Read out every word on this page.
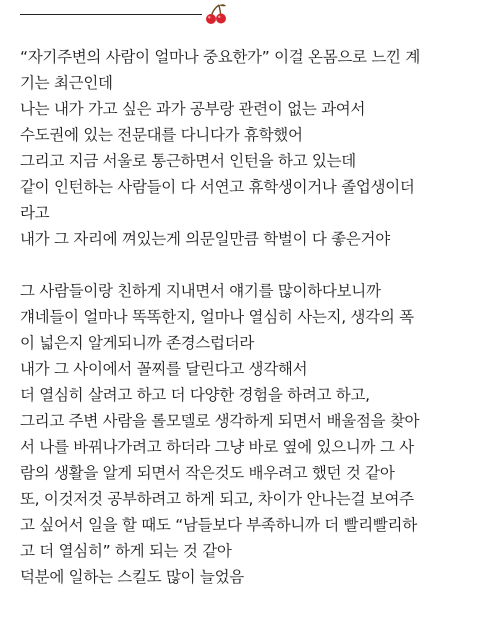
“자기주변의 사람이 얼마나 중요한가” 이걸 온몸으로 느낀 계
기는 최근인데
나는 내가 가고 싶은 과가 공부랑 관련이 없는 과여서
수도권에 있는 전문대를 다니다가 휴학했어
그리고 지금 서울로 통근하면서 인턴을 하고 있는데
같이 인턴하는 사람들이 다 서연고 휴학생이거나 졸업생이더
라고
내가 그 자리에 껴있는게 의문일만큼 학벌이 다 좋은거야

그 사람들이랑 친하게 지내면서 얘기를 많이하다보니까
걔네들이 얼마나 똑똑한지, 얼마나 열심히 사는지, 생각의 폭
이 넓은지 알게되니까 존경스럽더라
내가 그 사이에서 꼴찌를 달린다고 생각해서
더 열심히 살려고 하고 더 다양한 경험을 하려고 하고,
그리고 주변 사람을 롤모델로 생각하게 되면서 배울점을 찾아
서 나를 바꿔나가려고 하더라 그냥 바로 옆에 있으니까 그 사
람의 생활을 알게 되면서 작은것도 배우려고 했던 것 같아
또, 이것저것 공부하려고 하게 되고, 차이가 안나는걸 보여주
고 싶어서 일을 할 때도 “남들보다 부족하니까 더 빨리빨리하
고 더 열심히” 하게 되는 것 같아
덕분에 일하는 스킬도 많이 늘었음
